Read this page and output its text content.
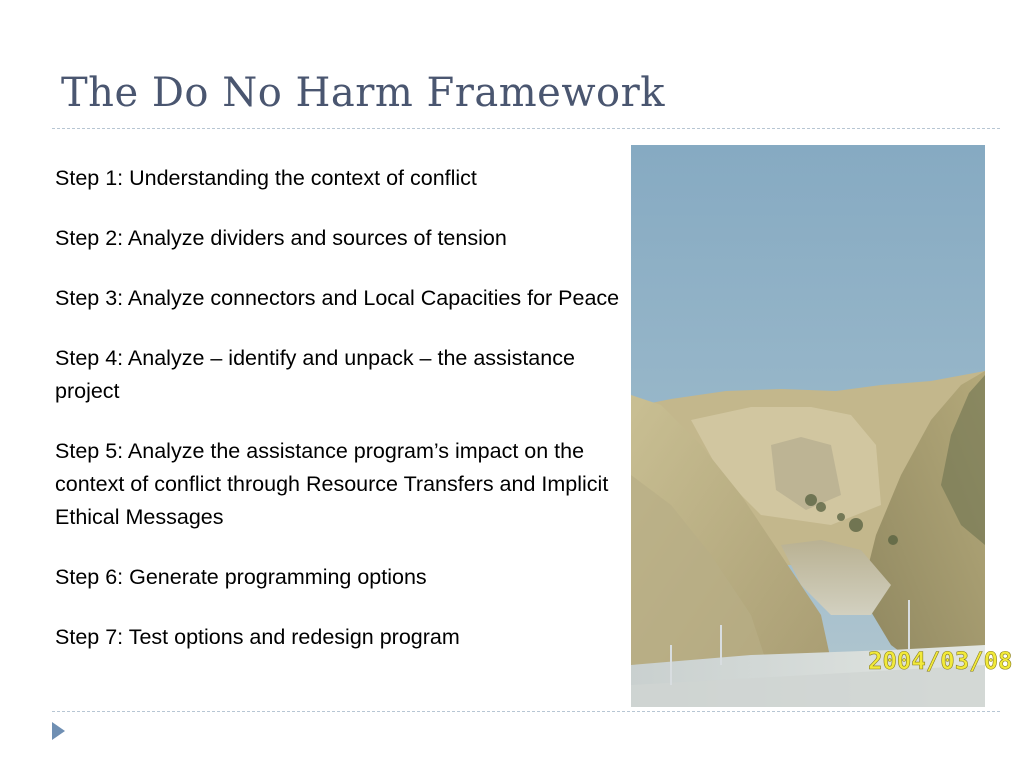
The Do No Harm Framework
Step 1: Understanding the context of conflict
Step 2: Analyze dividers and sources of tension
Step 3: Analyze connectors and Local Capacities for Peace
Step 4: Analyze – identify and unpack – the assistance project
Step 5: Analyze the assistance program’s impact on the context of conflict through Resource Transfers and Implicit Ethical Messages
Step 6: Generate programming options
Step 7: Test options and redesign program
2004/03/08
